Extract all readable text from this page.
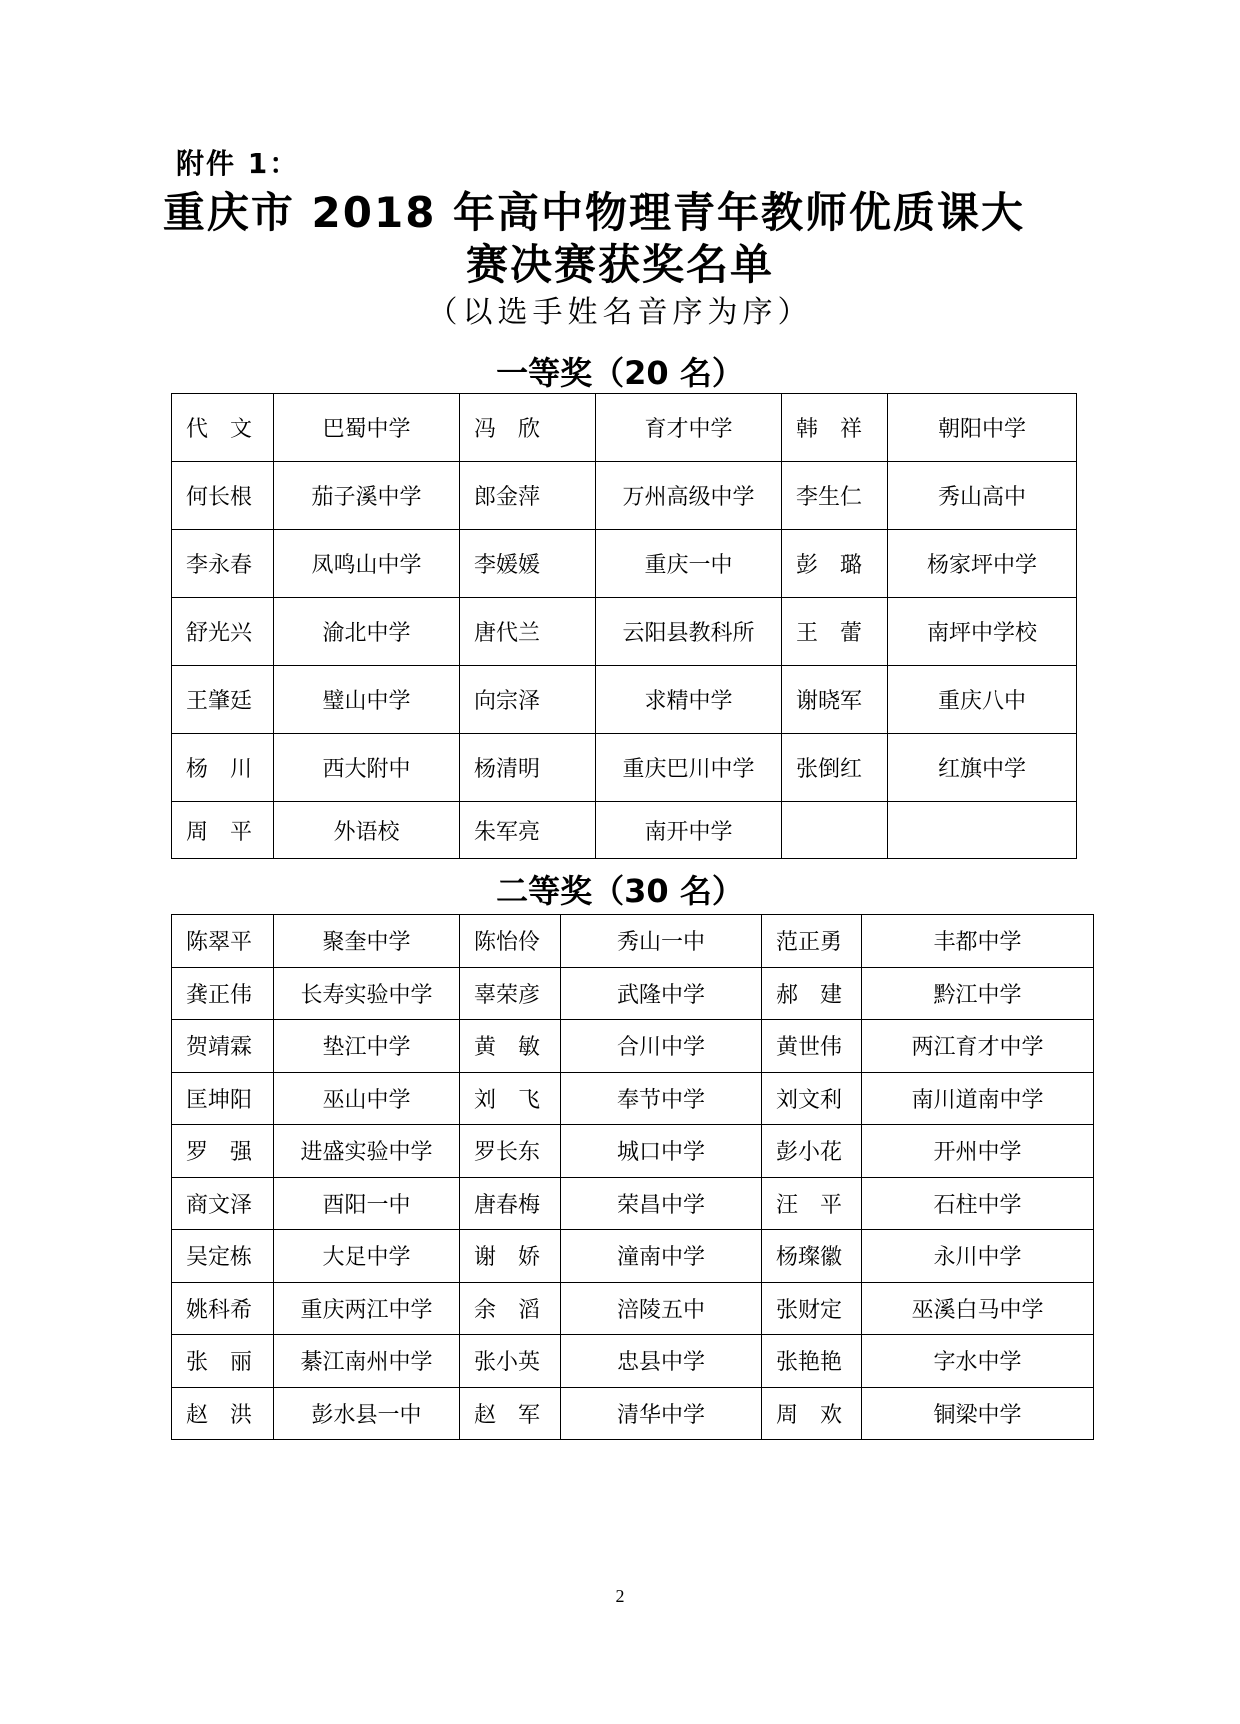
附件 1：
重庆市 2018 年高中物理青年教师优质课大
赛决赛获奖名单
（以选手姓名音序为序）
一等奖（20 名）
代　文	巴蜀中学	冯　欣	育才中学	韩　祥	朝阳中学
何长根	茄子溪中学	郎金萍	万州高级中学	李生仁	秀山高中
李永春	凤鸣山中学	李媛媛	重庆一中	彭　璐	杨家坪中学
舒光兴	渝北中学	唐代兰	云阳县教科所	王　蕾	南坪中学校
王肇廷	璧山中学	向宗泽	求精中学	谢晓军	重庆八中
杨　川	西大附中	杨清明	重庆巴川中学	张倒红	红旗中学
周　平	外语校	朱军亮	南开中学		
二等奖（30 名）
陈翠平	聚奎中学	陈怡伶	秀山一中	范正勇	丰都中学
龚正伟	长寿实验中学	辜荣彦	武隆中学	郝　建	黔江中学
贺靖霖	垫江中学	黄　敏	合川中学	黄世伟	两江育才中学
匡坤阳	巫山中学	刘　飞	奉节中学	刘文利	南川道南中学
罗　强	进盛实验中学	罗长东	城口中学	彭小花	开州中学
商文泽	酉阳一中	唐春梅	荣昌中学	汪　平	石柱中学
吴定栋	大足中学	谢　娇	潼南中学	杨璨徽	永川中学
姚科希	重庆两江中学	余　滔	涪陵五中	张财定	巫溪白马中学
张　丽	綦江南州中学	张小英	忠县中学	张艳艳	字水中学
赵　洪	彭水县一中	赵　军	清华中学	周　欢	铜梁中学
2
